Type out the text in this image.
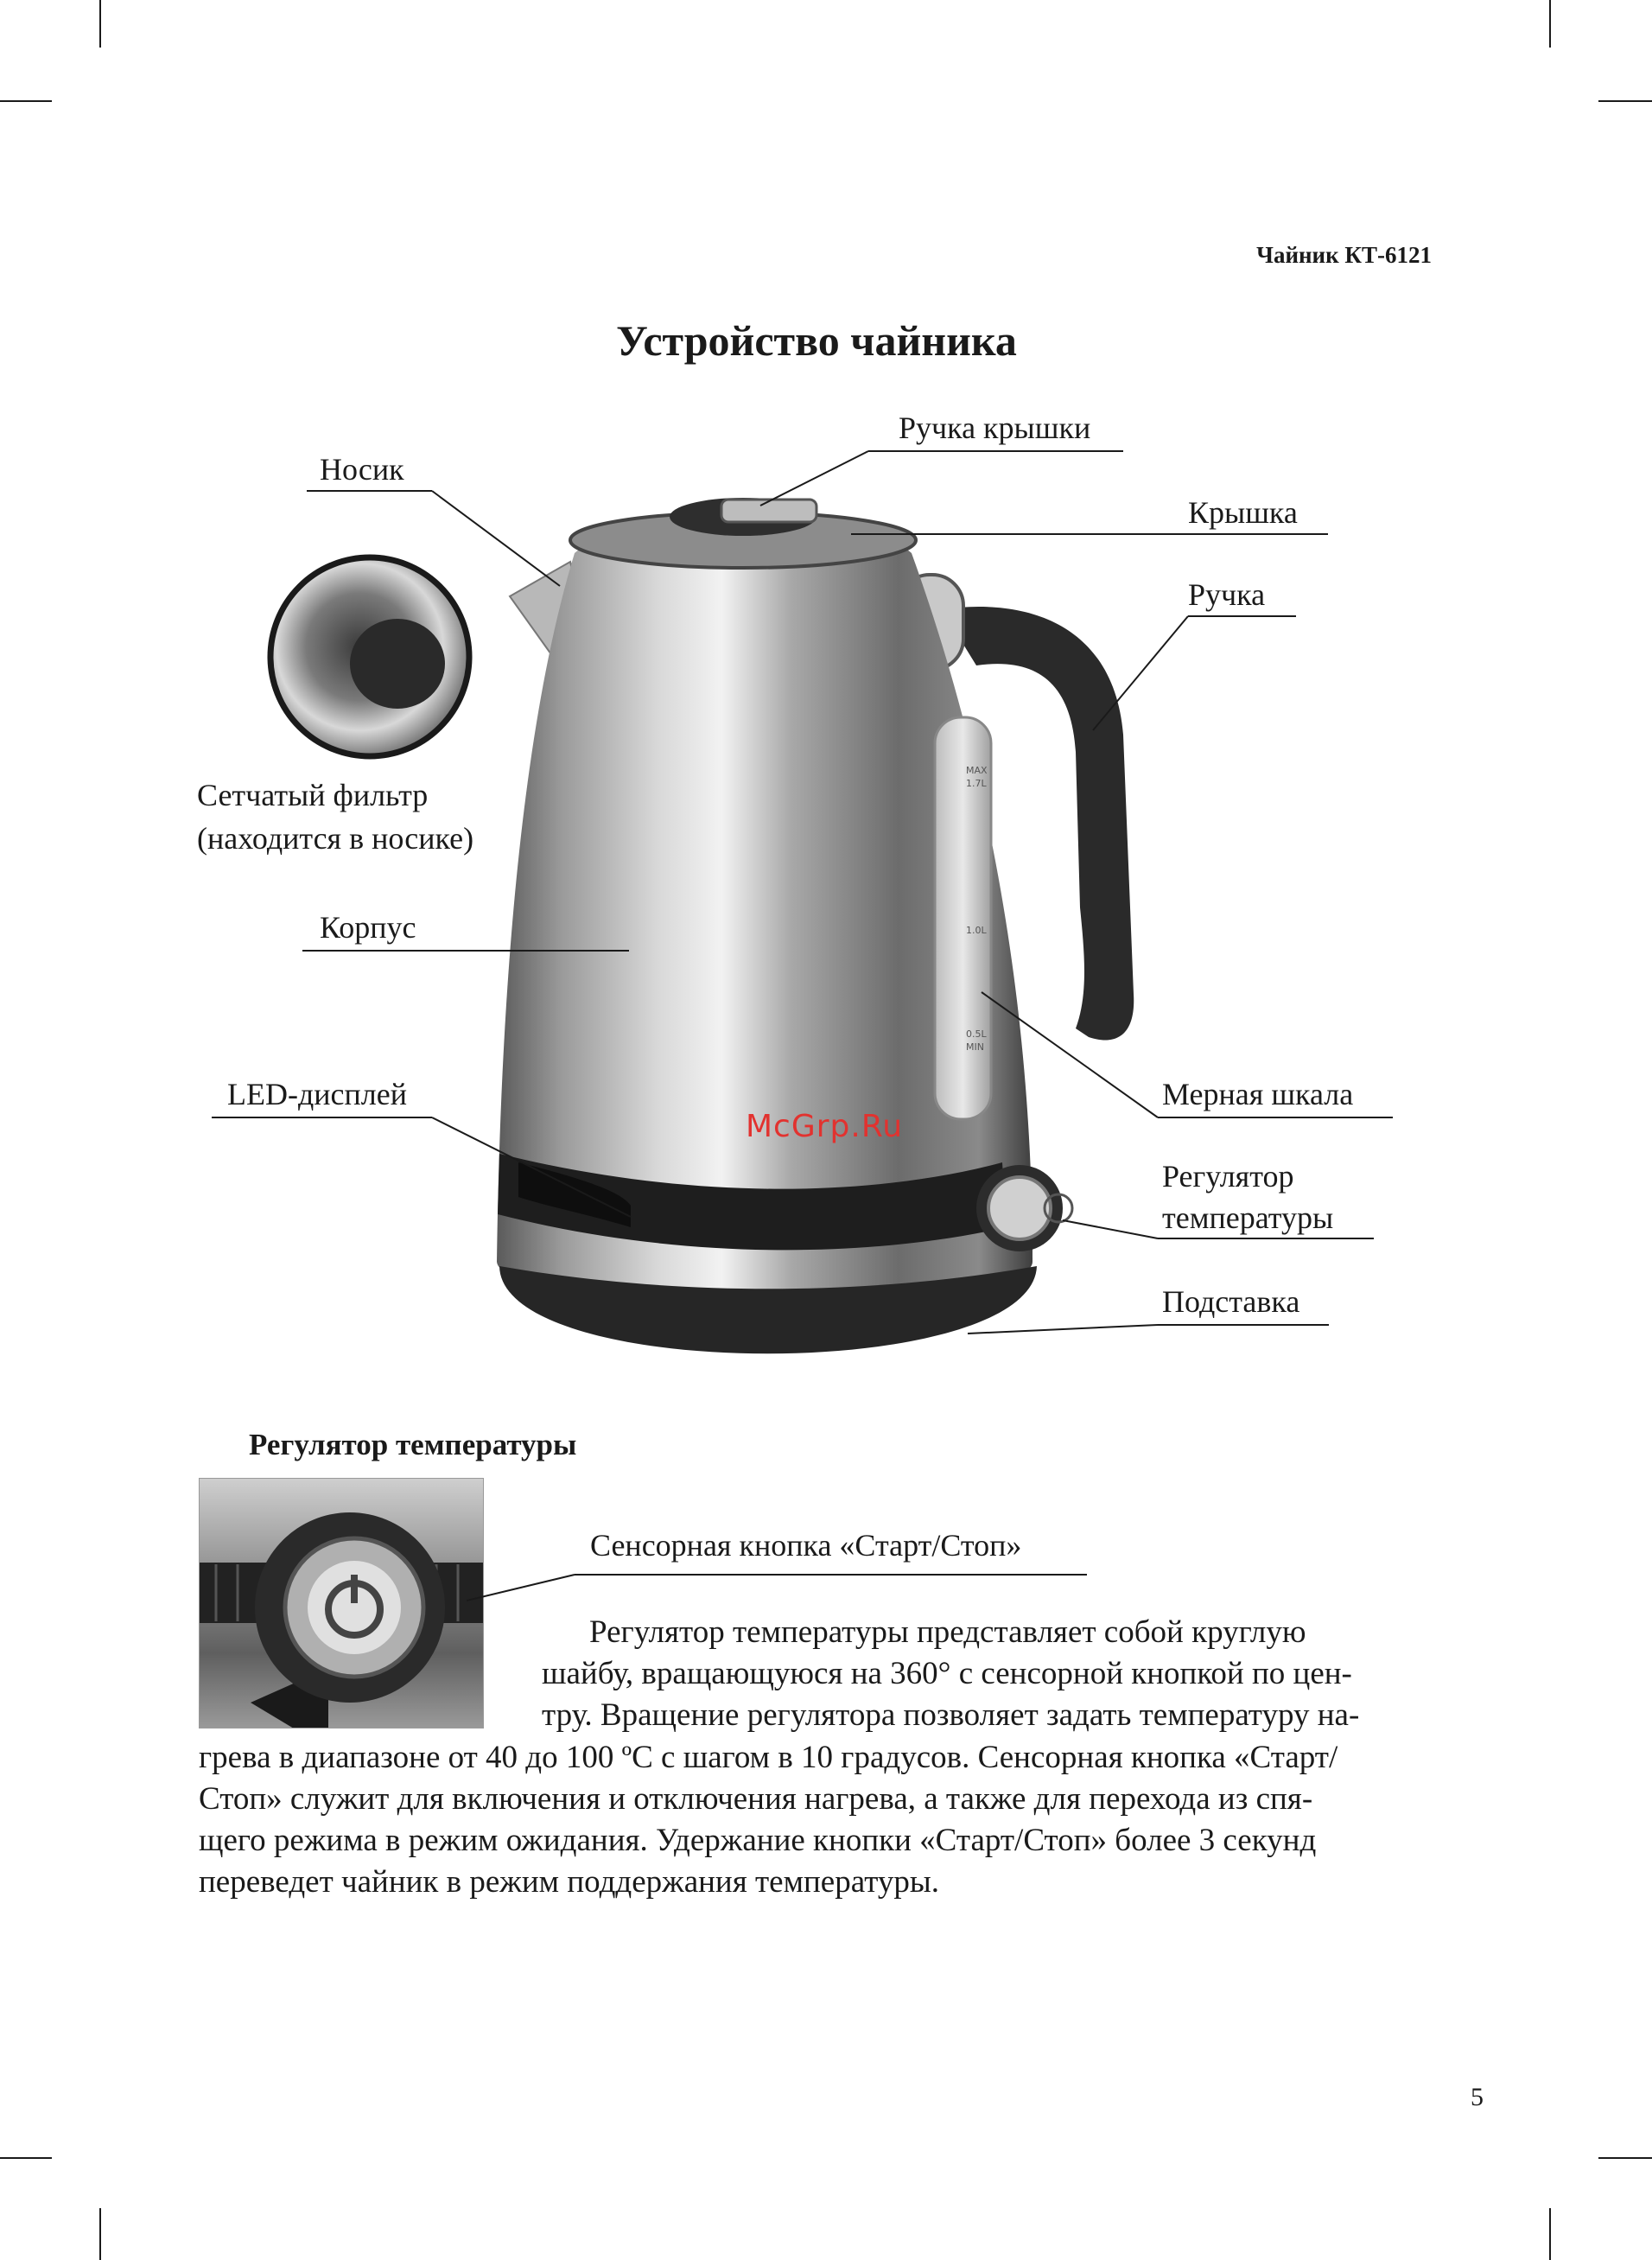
Чайник КТ-6121
Устройство чайника
MAX
1.7L
1.0L
0.5L
MIN
McGrp.Ru
Ручка крышки
Носик
Крышка
Ручка
Сетчатый фильтр
(находится в носике)
Корпус
LED-дисплей	Мерная шкала
Регулятор
температуры
Подставка
Регулятор температуры
Сенсорная кнопка «Старт/Стоп»
Регулятор температуры представляет собой круглую
шайбу, вращающуюся на 360° с сенсорной кнопкой по цен-
тру. Вращение регулятора позволяет задать температуру на-
грева в диапазоне от 40 до 100 ºC с шагом в 10 градусов. Сенсорная кнопка «Старт/
Стоп» служит для включения и отключения нагрева, а также для перехода из спя-
щего режима в режим ожидания. Удержание кнопки «Старт/Стоп» более 3 секунд
переведет чайник в режим поддержания температуры.
5
